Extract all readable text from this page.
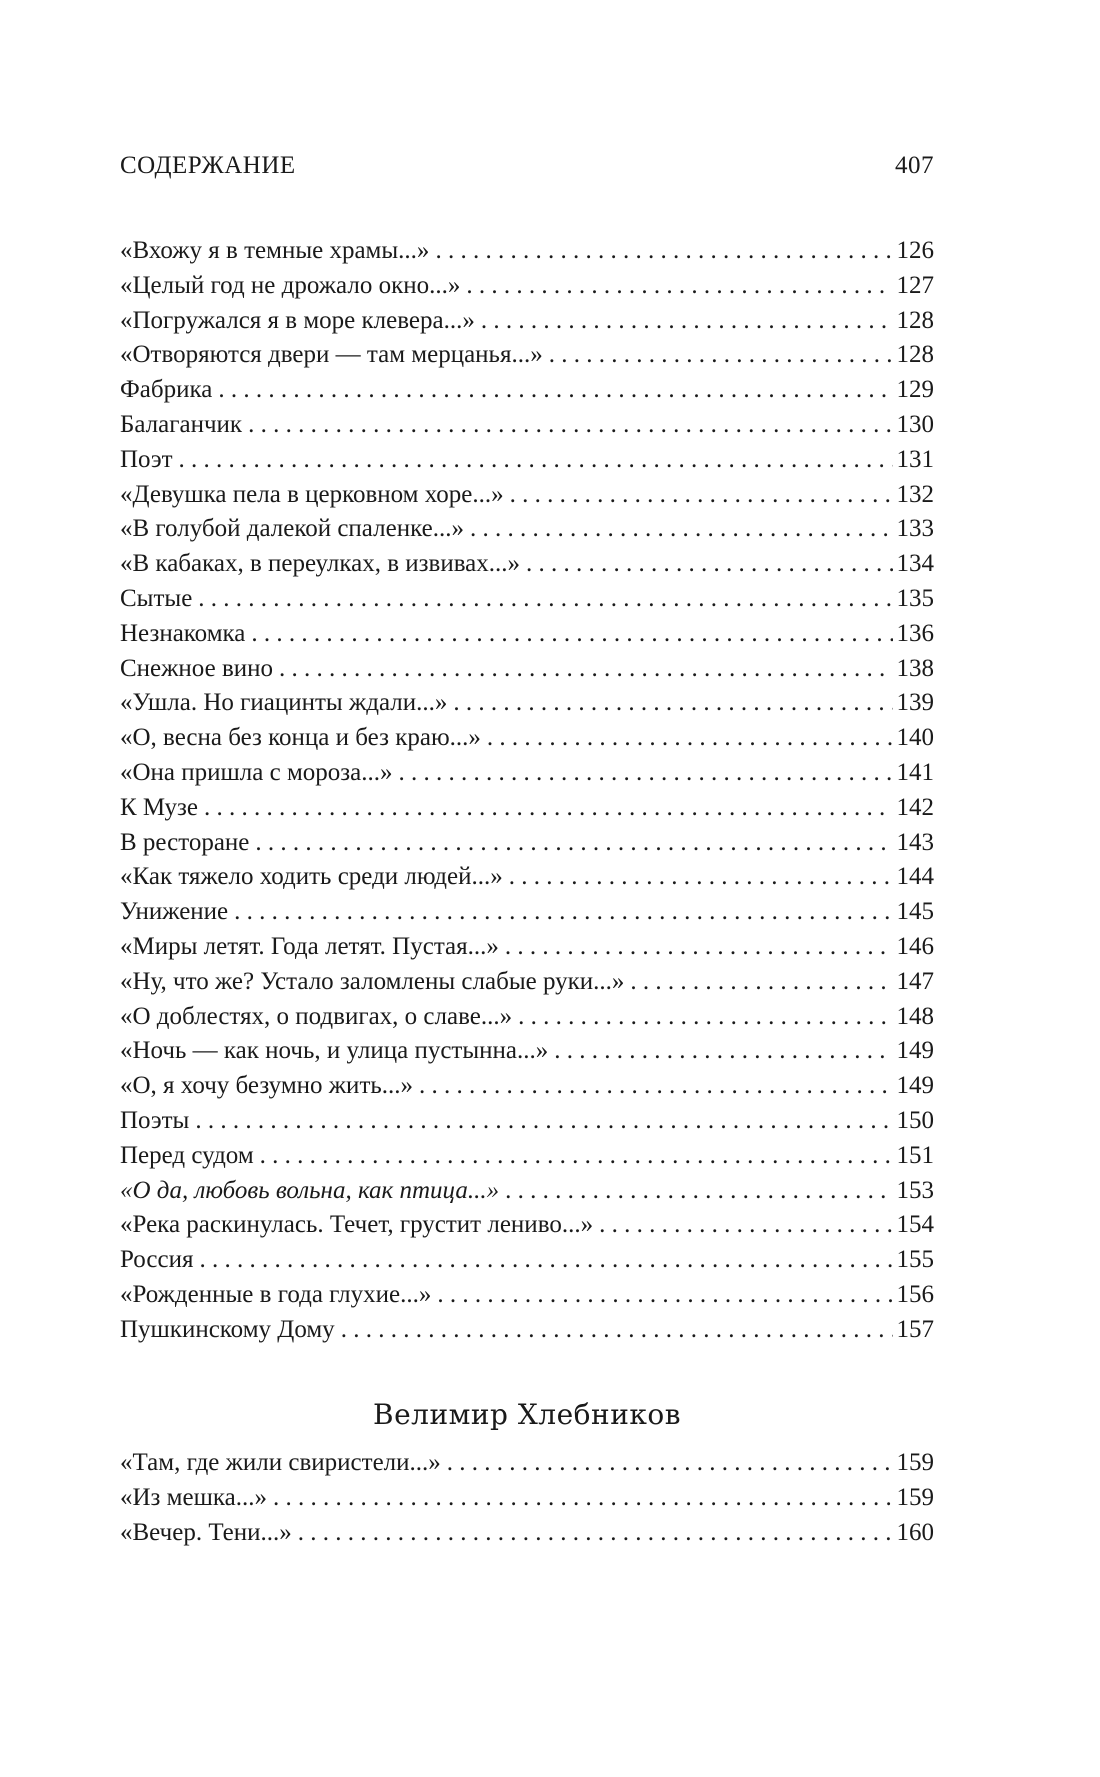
СОДЕРЖАНИЕ	407
«Вхожу я в темные храмы...» . . .	126
«Целый год не дрожало окно...» . . .	127
«Погружался я в море клевера...» . . .	128
«Отворяются двери — там мерцанья...» . . .	128
Фабрика . . .	129
Балаганчик . . .	130
Поэт . . .	131
«Девушка пела в церковном хоре...» . . .	132
«В голубой далекой спаленке...» . . .	133
«В кабаках, в переулках, в извивах...» . . .	134
Сытые . . .	135
Незнакомка . . .	136
Снежное вино . . .	138
«Ушла. Но гиацинты ждали...» . . .	139
«О, весна без конца и без краю...» . . .	140
«Она пришла с мороза...» . . .	141
К Музе . . .	142
В ресторане . . .	143
«Как тяжело ходить среди людей...» . . .	144
Унижение . . .	145
«Миры летят. Года летят. Пустая...» . . .	146
«Ну, что же? Устало заломлены слабые руки...» . . .	147
«О доблестях, о подвигах, о славе...» . . .	148
«Ночь — как ночь, и улица пустынна...» . . .	149
«О, я хочу безумно жить...» . . .	149
Поэты . . .	150
Перед судом . . .	151
«О да, любовь вольна, как птица...» . . .	153
«Река раскинулась. Течет, грустит лениво...» . . .	154
Россия . . .	155
«Рожденные в года глухие...» . . .	156
Пушкинскому Дому . . .	157
Велимир Хлебников
«Там, где жили свиристели...» . . .	159
«Из мешка...» . . .	159
«Вечер. Тени...» . . .	160
